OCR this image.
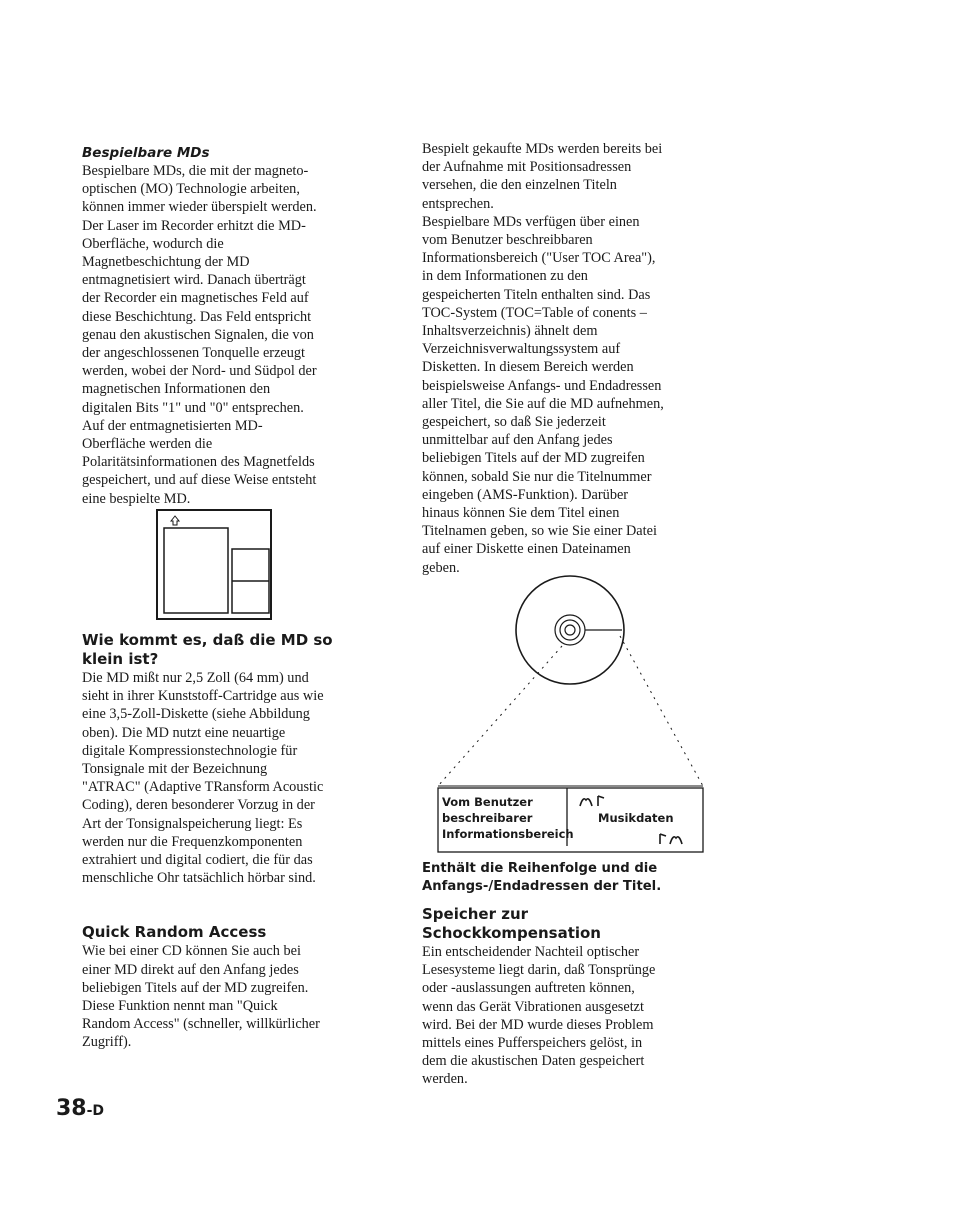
Bespielbare MDs

Bespielbare MDs, die mit der magneto-
optischen (MO) Technologie arbeiten,
können immer wieder überspielt werden.
Der Laser im Recorder erhitzt die MD-
Oberfläche, wodurch die
Magnetbeschichtung der MD
entmagnetisiert wird. Danach überträgt
der Recorder ein magnetisches Feld auf
diese Beschichtung. Das Feld entspricht
genau den akustischen Signalen, die von
der angeschlossenen Tonquelle erzeugt
werden, wobei der Nord- und Südpol der
magnetischen Informationen den
digitalen Bits "1" und "0" entsprechen.
Auf der entmagnetisierten MD-
Oberfläche werden die
Polaritätsinformationen des Magnetfelds
gespeichert, und auf diese Weise entsteht
eine bespielte MD.

Wie kommt es, daß die MD so

klein ist?

Die MD mißt nur 2,5 Zoll (64 mm) und
sieht in ihrer Kunststoff-Cartridge aus wie
eine 3,5-Zoll-Diskette (siehe Abbildung
oben). Die MD nutzt eine neuartige
digitale Kompressionstechnologie für
Tonsignale mit der Bezeichnung
"ATRAC" (Adaptive TRansform Acoustic
Coding), deren besonderer Vorzug in der
Art der Tonsignalspeicherung liegt: Es
werden nur die Frequenzkomponenten
extrahiert und digital codiert, die für das
menschliche Ohr tatsächlich hörbar sind.

Quick Random Access

Wie bei einer CD können Sie auch bei
einer MD direkt auf den Anfang jedes
beliebigen Titels auf der MD zugreifen.
Diese Funktion nennt man "Quick
Random Access" (schneller, willkürlicher
Zugriff).
Bespielt gekaufte MDs werden bereits bei
der Aufnahme mit Positionsadressen
versehen, die den einzelnen Titeln
entsprechen.
Bespielbare MDs verfügen über einen
vom Benutzer beschreibbaren
Informationsbereich ("User TOC Area"),
in dem Informationen zu den
gespeicherten Titeln enthalten sind. Das
TOC-System (TOC=Table of conents –
Inhaltsverzeichnis) ähnelt dem
Verzeichnisverwaltungssystem auf
Disketten. In diesem Bereich werden
beispielsweise Anfangs- und Endadressen
aller Titel, die Sie auf die MD aufnehmen,
gespeichert, so daß Sie jederzeit
unmittelbar auf den Anfang jedes
beliebigen Titels auf der MD zugreifen
können, sobald Sie nur die Titelnummer
eingeben (AMS-Funktion). Darüber
hinaus können Sie dem Titel einen
Titelnamen geben, so wie Sie einer Datei
auf einer Diskette einen Dateinamen
geben.
Vom Benutzer
beschreibarer
Informationsbereich
Musikdaten

Enthält die Reihenfolge und die

Anfangs-/Endadressen der Titel.

Speicher zur

Schockkompensation

Ein entscheidender Nachteil optischer
Lesesysteme liegt darin, daß Tonsprünge
oder -auslassungen auftreten können,
wenn das Gerät Vibrationen ausgesetzt
wird. Bei der MD wurde dieses Problem
mittels eines Pufferspeichers gelöst, in
dem die akustischen Daten gespeichert
werden.
38-D
